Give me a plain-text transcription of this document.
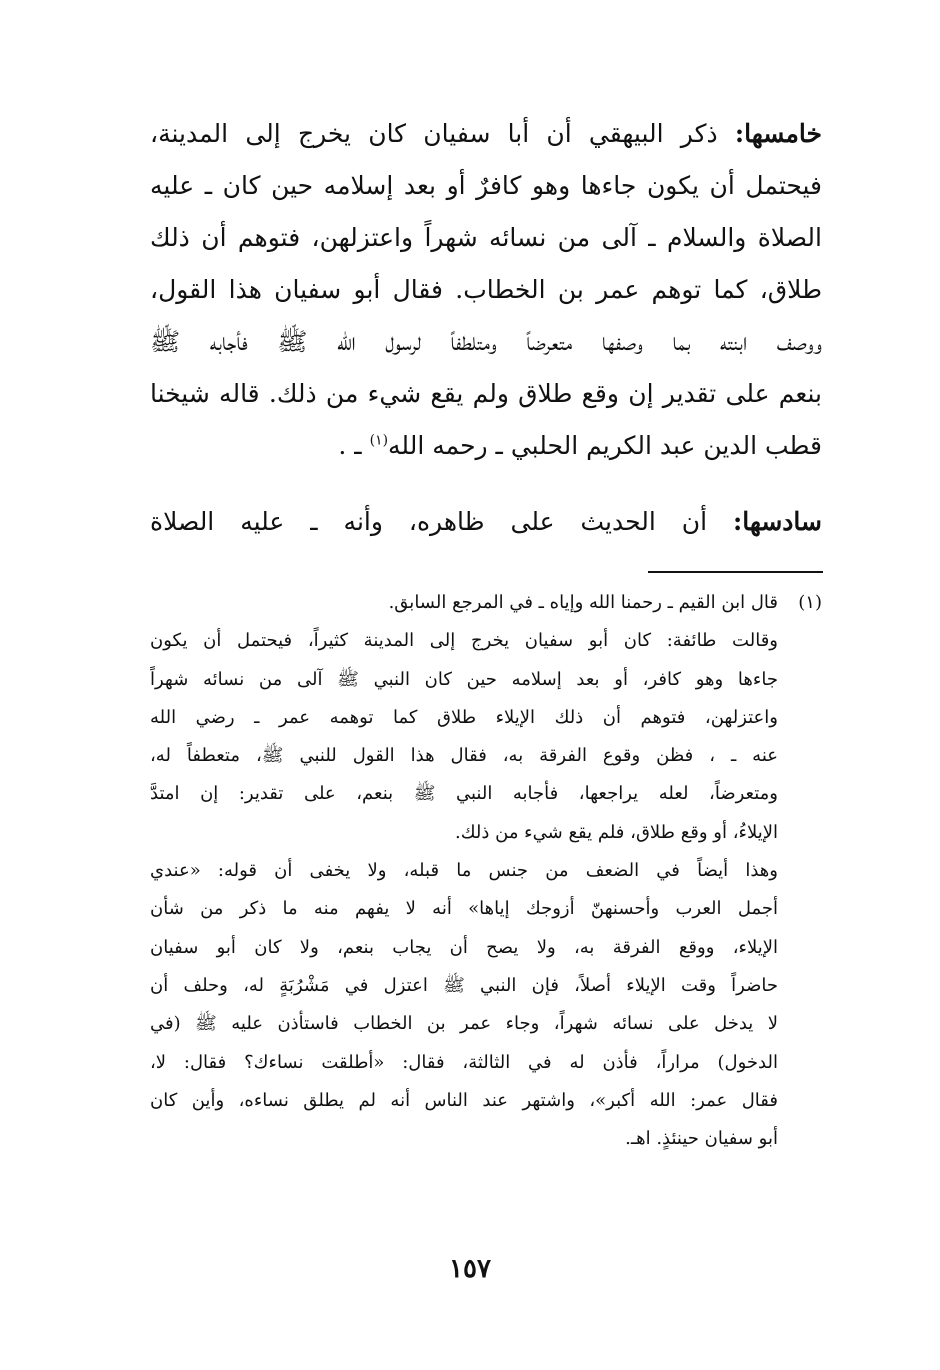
خامسها: ذكر البيهقي أن أبا سفيان كان يخرج إلى المدينة،
فيحتمل أن يكون جاءها وهو كافرٌ أو بعد إسلامه حين كان ـ عليه
الصلاة والسلام ـ آلى من نسائه شهراً واعتزلهن، فتوهم أن ذلك
طلاق، كما توهم عمر بن الخطاب. فقال أبو سفيان هذا القول،
ووصف ابنته بما وصفها متعرضاً ومتلطفاً لرسول الله ﷺ فأجابه ﷺ
بنعم على تقدير إن وقع طلاق ولم يقع شيء من ذلك. قاله شيخنا
قطب الدين عبد الكريم الحلبي ـ رحمه الله$^{(١)}$ ـ .
سادسها: أن الحديث على ظاهره، وأنه ـ عليه الصلاة
(١)قال ابن القيم ـ رحمنا الله وإياه ـ في المرجع السابق.
وقالت طائفة: كان أبو سفيان يخرج إلى المدينة كثيراً، فيحتمل أن يكون
جاءها وهو كافر، أو بعد إسلامه حين كان النبي ﷺ آلى من نسائه شهراً
واعتزلهن، فتوهم أن ذلك الإيلاء طلاق كما توهمه عمر ـ رضي الله
عنه ـ ، فظن وقوع الفرقة به، فقال هذا القول للنبي ﷺ، متعطفاً له،
ومتعرضاً، لعله يراجعها، فأجابه النبي ﷺ بنعم، على تقدير: إن امتدَّ
الإيلاءُ، أو وقع طلاق، فلم يقع شيء من ذلك.
وهذا أيضاً في الضعف من جنس ما قبله، ولا يخفى أن قوله: «عندي
أجمل العرب وأحسنهنّ أزوجك إياها» أنه لا يفهم منه ما ذكر من شأن
الإيلاء، ووقع الفرقة به، ولا يصح أن يجاب بنعم، ولا كان أبو سفيان
حاضراً وقت الإيلاء أصلاً، فإن النبي ﷺ اعتزل في مَشْرُبَةٍ له، وحلف أن
لا يدخل على نسائه شهراً، وجاء عمر بن الخطاب فاستأذن عليه ﷺ (في
الدخول) مراراً، فأذن له في الثالثة، فقال: «أطلقت نساءك؟ فقال: لا،
فقال عمر: الله أكبر»، واشتهر عند الناس أنه لم يطلق نساءه، وأين كان
أبو سفيان حينئذٍ. اهـ.
١٥٧
